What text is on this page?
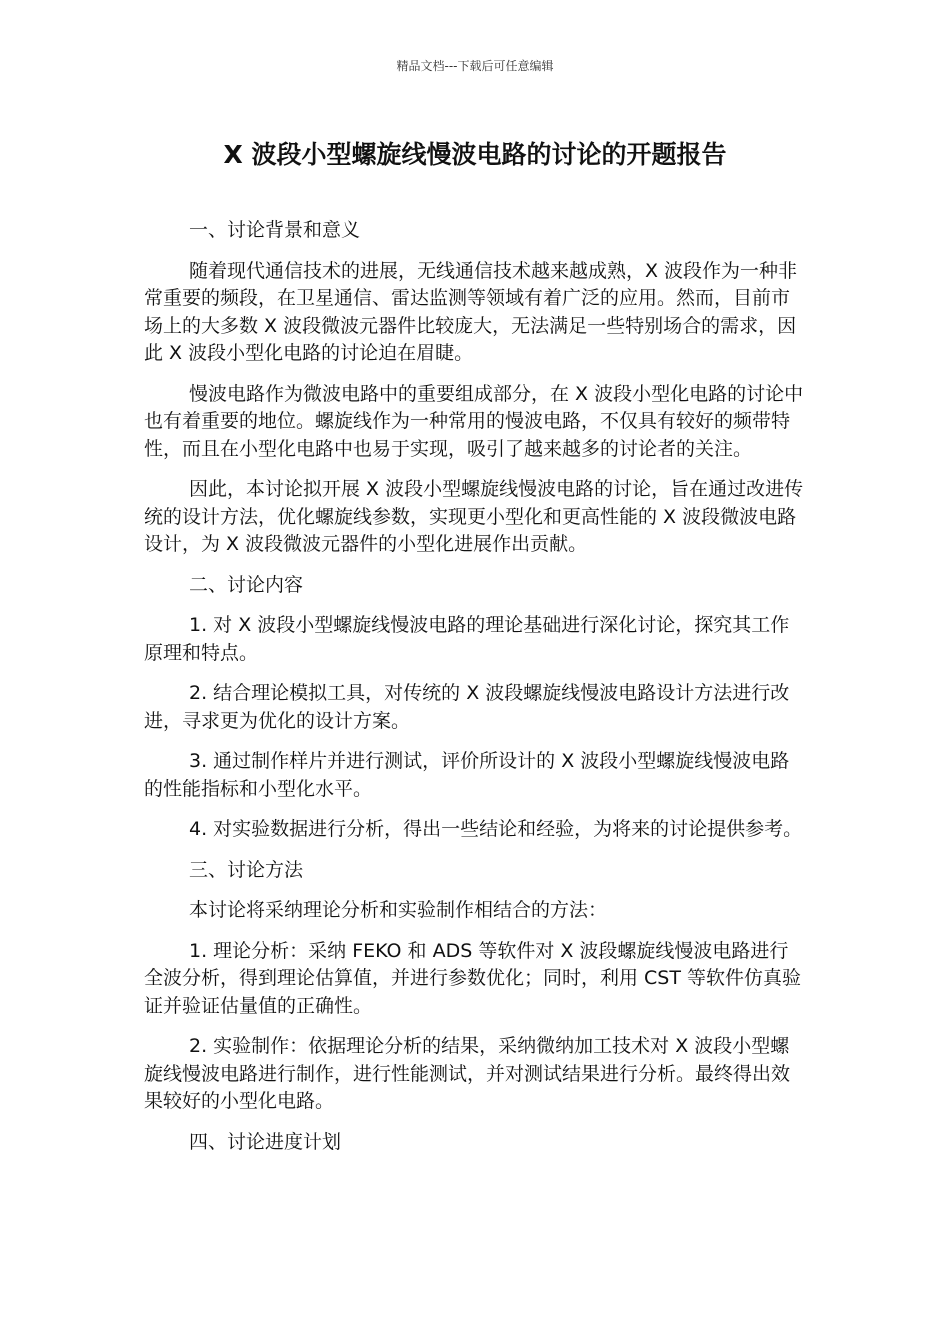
精品文档---下载后可任意编辑
X 波段小型螺旋线慢波电路的讨论的开题报告

一、讨论背景和意义

随着现代通信技术的进展，无线通信技术越来越成熟，X 波段作为一种非常重要的频段，在卫星通信、雷达监测等领域有着广泛的应用。然而，目前市场上的大多数 X 波段微波元器件比较庞大，无法满足一些特别场合的需求，因此 X 波段小型化电路的讨论迫在眉睫。

慢波电路作为微波电路中的重要组成部分，在 X 波段小型化电路的讨论中也有着重要的地位。螺旋线作为一种常用的慢波电路，不仅具有较好的频带特性，而且在小型化电路中也易于实现，吸引了越来越多的讨论者的关注。

因此，本讨论拟开展 X 波段小型螺旋线慢波电路的讨论，旨在通过改进传统的设计方法，优化螺旋线参数，实现更小型化和更高性能的 X 波段微波电路设计，为 X 波段微波元器件的小型化进展作出贡献。

二、讨论内容

1. 对 X 波段小型螺旋线慢波电路的理论基础进行深化讨论，探究其工作原理和特点。

2. 结合理论模拟工具，对传统的 X 波段螺旋线慢波电路设计方法进行改进，寻求更为优化的设计方案。

3. 通过制作样片并进行测试，评价所设计的 X 波段小型螺旋线慢波电路的性能指标和小型化水平。

4. 对实验数据进行分析，得出一些结论和经验，为将来的讨论提供参考。

三、讨论方法

本讨论将采纳理论分析和实验制作相结合的方法：

1. 理论分析：采纳 FEKO 和 ADS 等软件对 X 波段螺旋线慢波电路进行全波分析，得到理论估算值，并进行参数优化；同时，利用 CST 等软件仿真验证并验证估量值的正确性。

2. 实验制作：依据理论分析的结果，采纳微纳加工技术对 X 波段小型螺旋线慢波电路进行制作，进行性能测试，并对测试结果进行分析。最终得出效果较好的小型化电路。

四、讨论进度计划
